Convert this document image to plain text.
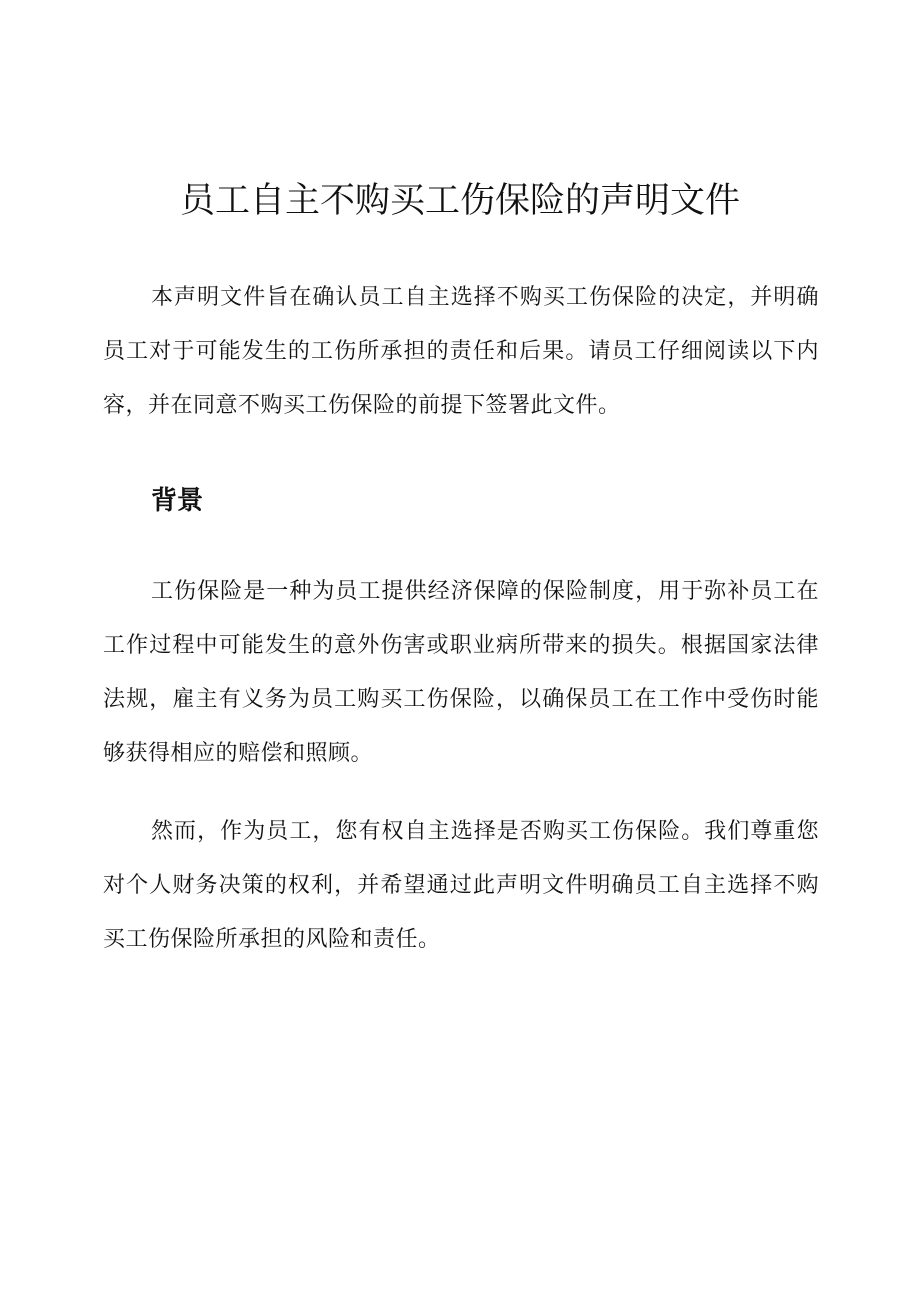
员工自主不购买工伤保险的声明文件

本声明文件旨在确认员工自主选择不购买工伤保险的决定，并明确员工对于可能发生的工伤所承担的责任和后果。请员工仔细阅读以下内容，并在同意不购买工伤保险的前提下签署此文件。

背景

工伤保险是一种为员工提供经济保障的保险制度，用于弥补员工在工作过程中可能发生的意外伤害或职业病所带来的损失。根据国家法律法规，雇主有义务为员工购买工伤保险，以确保员工在工作中受伤时能够获得相应的赔偿和照顾。

然而，作为员工，您有权自主选择是否购买工伤保险。我们尊重您对个人财务决策的权利，并希望通过此声明文件明确员工自主选择不购买工伤保险所承担的风险和责任。
